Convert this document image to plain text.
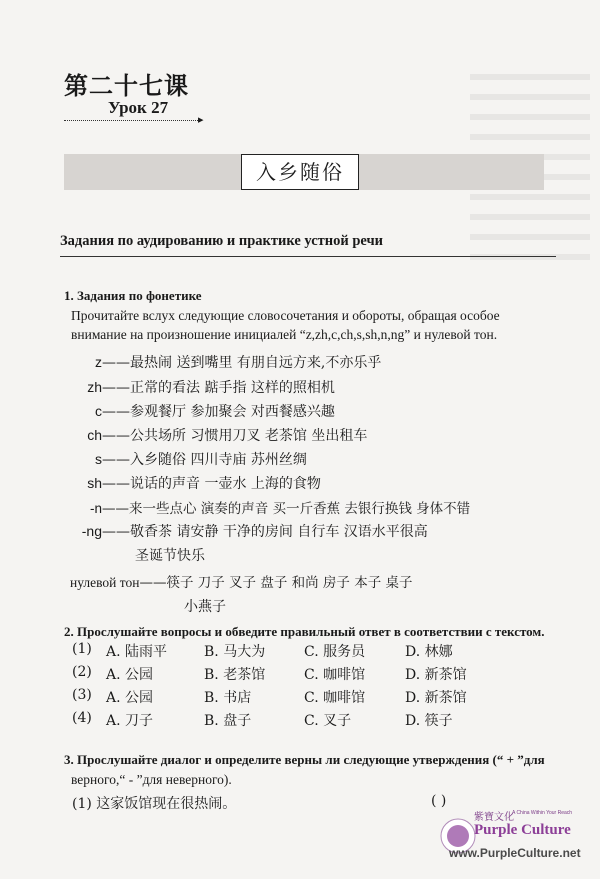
第二十七课
Урок 27
▸
入乡随俗
Задания по аудированию и практике устной речи
1. Задания по фонетике
Прочитайте вслух следующие словосочетания и обороты, обращая особое
внимание на произношение инициалей “z,zh,c,ch,s,sh,n,ng” и нулевой тон.
z——最热闹 送到嘴里 有朋自远方来,不亦乐乎
zh——正常的看法 踮手指 这样的照相机
c——参观餐厅 参加聚会 对西餐感兴趣
ch——公共场所 习惯用刀叉 老茶馆 坐出租车
s——入乡随俗 四川寺庙 苏州丝绸
sh——说话的声音 一壶水 上海的食物
-n——来一些点心 演奏的声音 买一斤香蕉 去银行换钱 身体不错
-ng——敬香茶 请安静 干净的房间 自行车 汉语水平很高
圣诞节快乐
нулевой тон——筷子 刀子 叉子 盘子 和尚 房子 本子 桌子
小燕子
2. Прослушайте вопросы и обведите правильный ответ в соответствии с текстом.
(1) A. 陆雨平	B. 马大为	C. 服务员	D. 林娜
(2) A. 公园	B. 老茶馆	C. 咖啡馆	D. 新茶馆
(3) A. 公园	B. 书店	C. 咖啡馆	D. 新茶馆
(4) A. 刀子	B. 盘子	C. 叉子	D. 筷子
3. Прослушайте диалог и определите верны ли следующие утверждения (“ + ”для
верного,“ - ”для неверного).
(1) 这家饭馆现在很热闹。	( )
紫寶文化
A China Within Your Reach
Purple Culture
www.PurpleCulture.net
